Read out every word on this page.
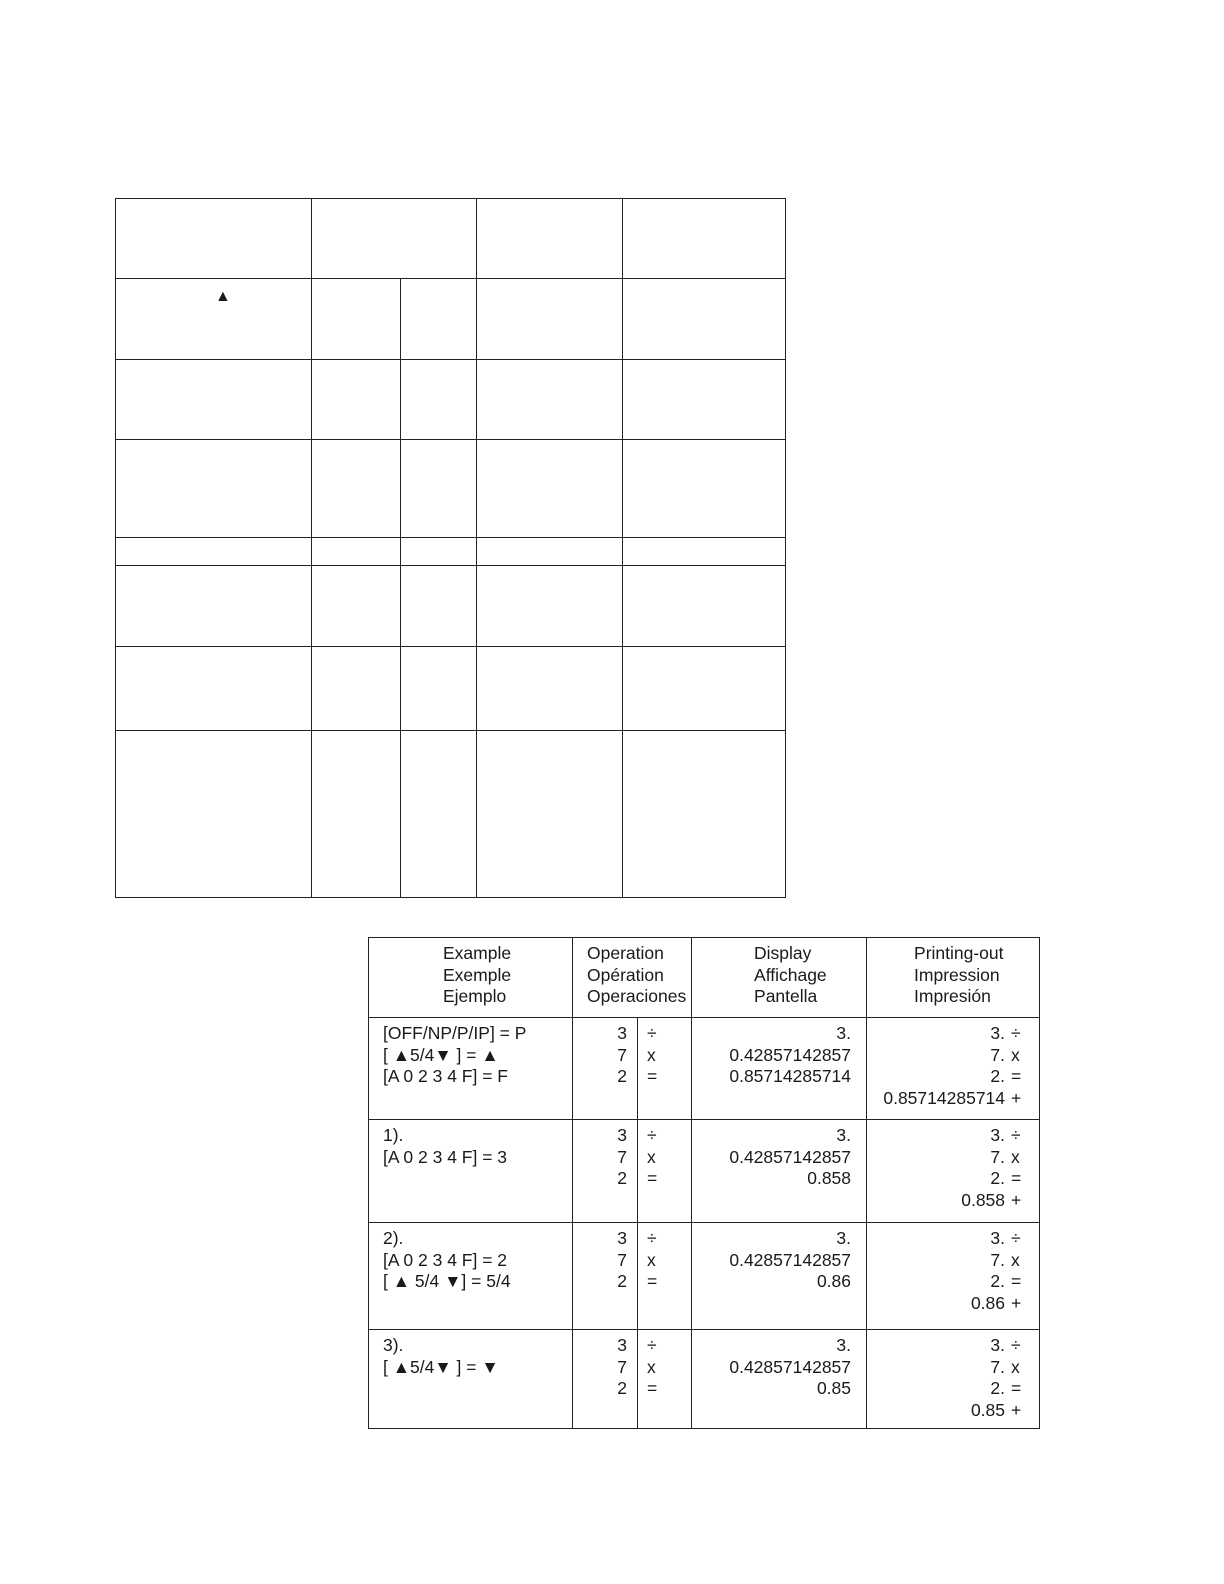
▲				

Example
Exemple
Ejemplo	Operation
Opération
Operaciones		Display
Affichage
Pantella	Printing-out
Impression
Impresión

[OFF/NP/P/IP] = P
[ ▲5/4▼ ] = ▲
[A 0 2 3 4 F] = F	3
7
2	÷
x
=	3.
0.42857142857
0.85714285714	3. ÷
7. x
2. =
0.85714285714 +

1).
[A 0 2 3 4 F] = 3	3
7
2	÷
x
=	3.
0.42857142857
0.858	3. ÷
7. x
2. =
0.858 +

2).
[A 0 2 3 4 F] = 2
[ ▲ 5/4 ▼] = 5/4	3
7
2	÷
x
=	3.
0.42857142857
0.86	3. ÷
7. x
2. =
0.86 +

3).
[ ▲5/4▼ ] = ▼	3
7
2	÷
x
=	3.
0.42857142857
0.85	3. ÷
7. x
2. =
0.85 +
